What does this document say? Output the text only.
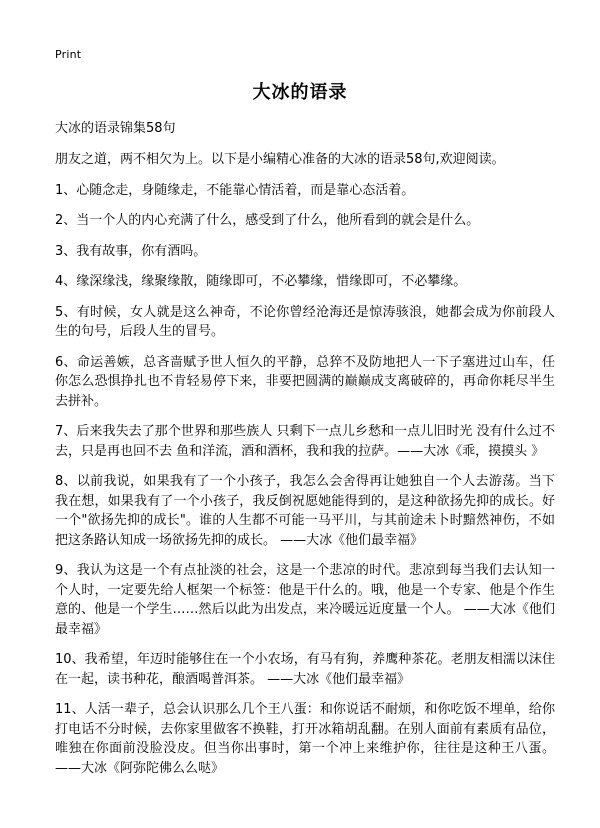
Print
大冰的语录

大冰的语录锦集58句

朋友之道，两不相欠为上。以下是小编精心准备的大冰的语录58句,欢迎阅读。

1、心随念走，身随缘走，不能靠心情活着，而是靠心态活着。

2、当一个人的内心充满了什么，感受到了什么，他所看到的就会是什么。

3、我有故事，你有酒吗。

4、缘深缘浅，缘聚缘散，随缘即可，不必攀缘，惜缘即可，不必攀缘。

5、有时候，女人就是这么神奇，不论你曾经沧海还是惊涛骇浪，她都会成为你前段人生的句号，后段人生的冒号。

6、命运善嫉，总吝啬赋予世人恒久的平静，总猝不及防地把人一下子塞进过山车，任你怎么恐惧挣扎也不肯轻易停下来，非要把圆满的巅巅成支离破碎的，再命你耗尽半生去拼补。

7、后来我失去了那个世界和那些族人 只剩下一点儿乡愁和一点儿旧时光 没有什么过不去，只是再也回不去 鱼和洋流，酒和酒杯，我和我的拉萨。——大冰《乖，摸摸头 》

8、以前我说，如果我有了一个小孩子，我怎么会舍得再让她独自一个人去游荡。当下我在想，如果我有了一个小孩子，我反倒祝愿她能得到的，是这种欲扬先抑的成长。好一个"欲扬先抑的成长"。谁的人生都不可能一马平川，与其前途未卜时黯然神伤，不如把这条路认知成一场欲扬先抑的成长。 ——大冰《他们最幸福》

9、我认为这是一个有点扯淡的社会，这是一个悲凉的时代。悲凉到每当我们去认知一个人时，一定要先给人框架一个标签：他是干什么的。哦，他是一个专家、他是个作生意的、他是一个学生……然后以此为出发点，来冷暖远近度量一个人。 ——大冰《他们最幸福》

10、我希望，年迈时能够住在一个小农场，有马有狗，养鹰种茶花。老朋友相濡以沫住在一起，读书种花，酿酒喝普洱茶。 ——大冰《他们最幸福》

11、人活一辈子，总会认识那么几个王八蛋：和你说话不耐烦，和你吃饭不埋单，给你打电话不分时候，去你家里做客不换鞋，打开冰箱胡乱翻。在别人面前有素质有品位，唯独在你面前没脸没皮。但当你出事时，第一个冲上来维护你，往往是这种王八蛋。 ——大冰《阿弥陀佛么么哒》
